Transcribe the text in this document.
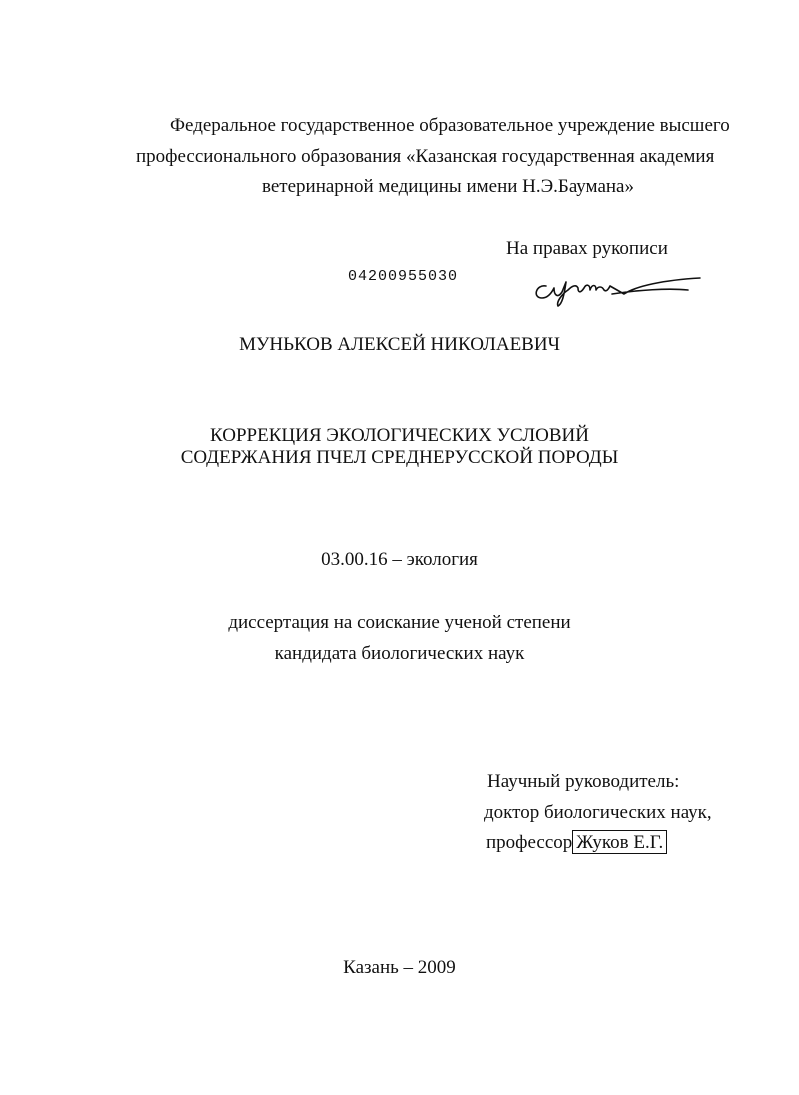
Федеральное государственное образовательное учреждение высшего
профессионального образования «Казанская государственная академия
ветеринарной медицины имени Н.Э.Баумана»
На правах рукописи
04200955030
МУНЬКОВ АЛЕКСЕЙ НИКОЛАЕВИЧ
КОРРЕКЦИЯ ЭКОЛОГИЧЕСКИХ УСЛОВИЙ
СОДЕРЖАНИЯ ПЧЕЛ СРЕДНЕРУССКОЙ ПОРОДЫ
03.00.16 – экология
диссертация на соискание ученой степени
кандидата биологических наук
Научный руководитель:
доктор биологических наук,
профессор Жуков Е.Г.
Казань – 2009
